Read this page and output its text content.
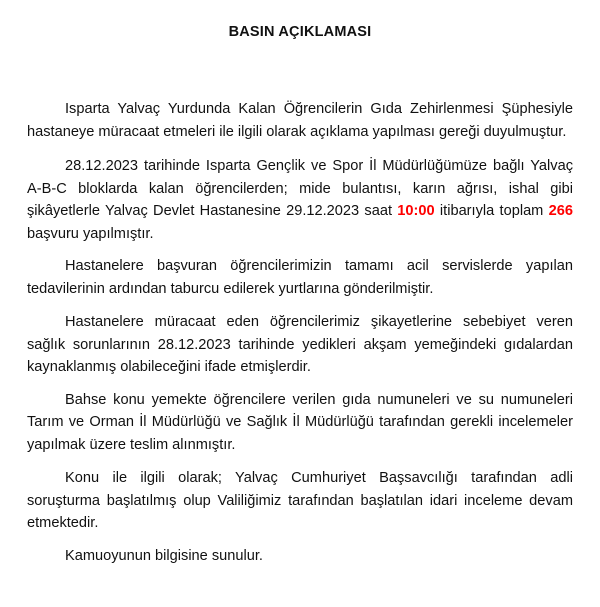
BASIN AÇIKLAMASI

Isparta Yalvaç Yurdunda Kalan Öğrencilerin Gıda Zehirlenmesi Şüphesiyle hastaneye müracaat etmeleri ile ilgili olarak açıklama yapılması gereği duyulmuştur.

28.12.2023 tarihinde Isparta Gençlik ve Spor İl Müdürlüğümüze bağlı Yalvaç A-B-C bloklarda kalan öğrencilerden; mide bulantısı, karın ağrısı, ishal gibi şikâyetlerle Yalvaç Devlet Hastanesine 29.12.2023 saat 10:00 itibarıyla toplam 266 başvuru yapılmıştır.

Hastanelere başvuran öğrencilerimizin tamamı acil servislerde yapılan tedavilerinin ardından taburcu edilerek yurtlarına gönderilmiştir.

Hastanelere müracaat eden öğrencilerimiz şikayetlerine sebebiyet veren sağlık sorunlarının 28.12.2023 tarihinde yedikleri akşam yemeğindeki gıdalardan kaynaklanmış olabileceğini ifade etmişlerdir.

Bahse konu yemekte öğrencilere verilen gıda numuneleri ve su numuneleri Tarım ve Orman İl Müdürlüğü ve Sağlık İl Müdürlüğü tarafından gerekli incelemeler yapılmak üzere teslim alınmıştır.

Konu ile ilgili olarak; Yalvaç Cumhuriyet Başsavcılığı tarafından adli soruşturma başlatılmış olup Valiliğimiz tarafından başlatılan idari inceleme devam etmektedir.

Kamuoyunun bilgisine sunulur.
